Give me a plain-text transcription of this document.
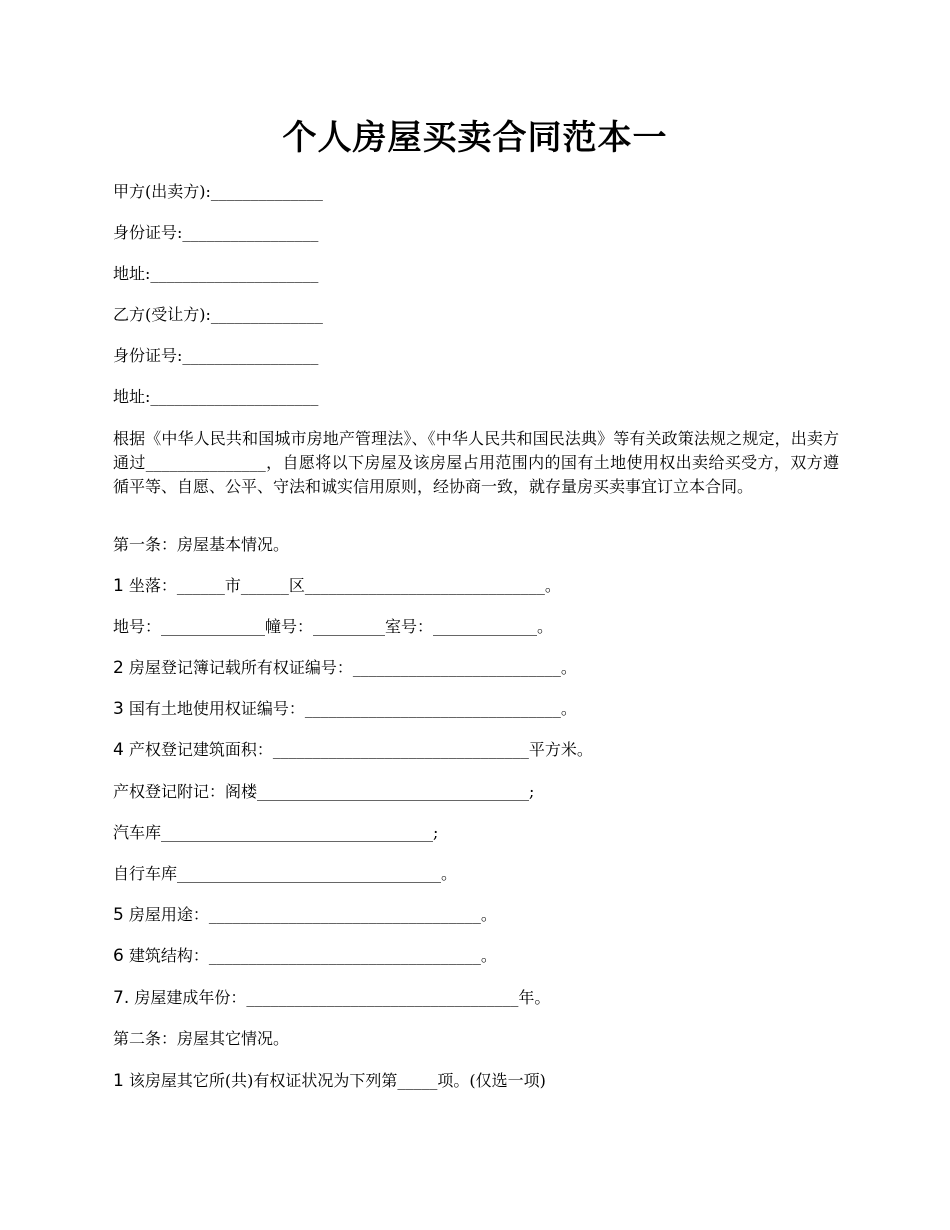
个人房屋买卖合同范本一
甲方(出卖方):______________
身份证号:_________________
地址:_____________________
乙方(受让方):______________
身份证号:_________________
地址:_____________________
根据《中华人民共和国城市房地产管理法》、《中华人民共和国民法典》等有关政策法规之规定，出卖方通过_______________，自愿将以下房屋及该房屋占用范围内的国有土地使用权出卖给买受方，双方遵循平等、自愿、公平、守法和诚实信用原则，经协商一致，就存量房买卖事宜订立本合同。
第一条：房屋基本情况。
1 坐落：______市______区______________________________。
地号：_____________幢号：_________室号：_____________。
2 房屋登记簿记载所有权证编号：__________________________。
3 国有土地使用权证编号：________________________________。
4 产权登记建筑面积：________________________________平方米。
产权登记附记：阁楼__________________________________;
汽车库__________________________________;
自行车库_________________________________。
5 房屋用途：__________________________________。
6 建筑结构：__________________________________。
7. 房屋建成年份：__________________________________年。
第二条：房屋其它情况。
1 该房屋其它所(共)有权证状况为下列第_____项。(仅选一项)
